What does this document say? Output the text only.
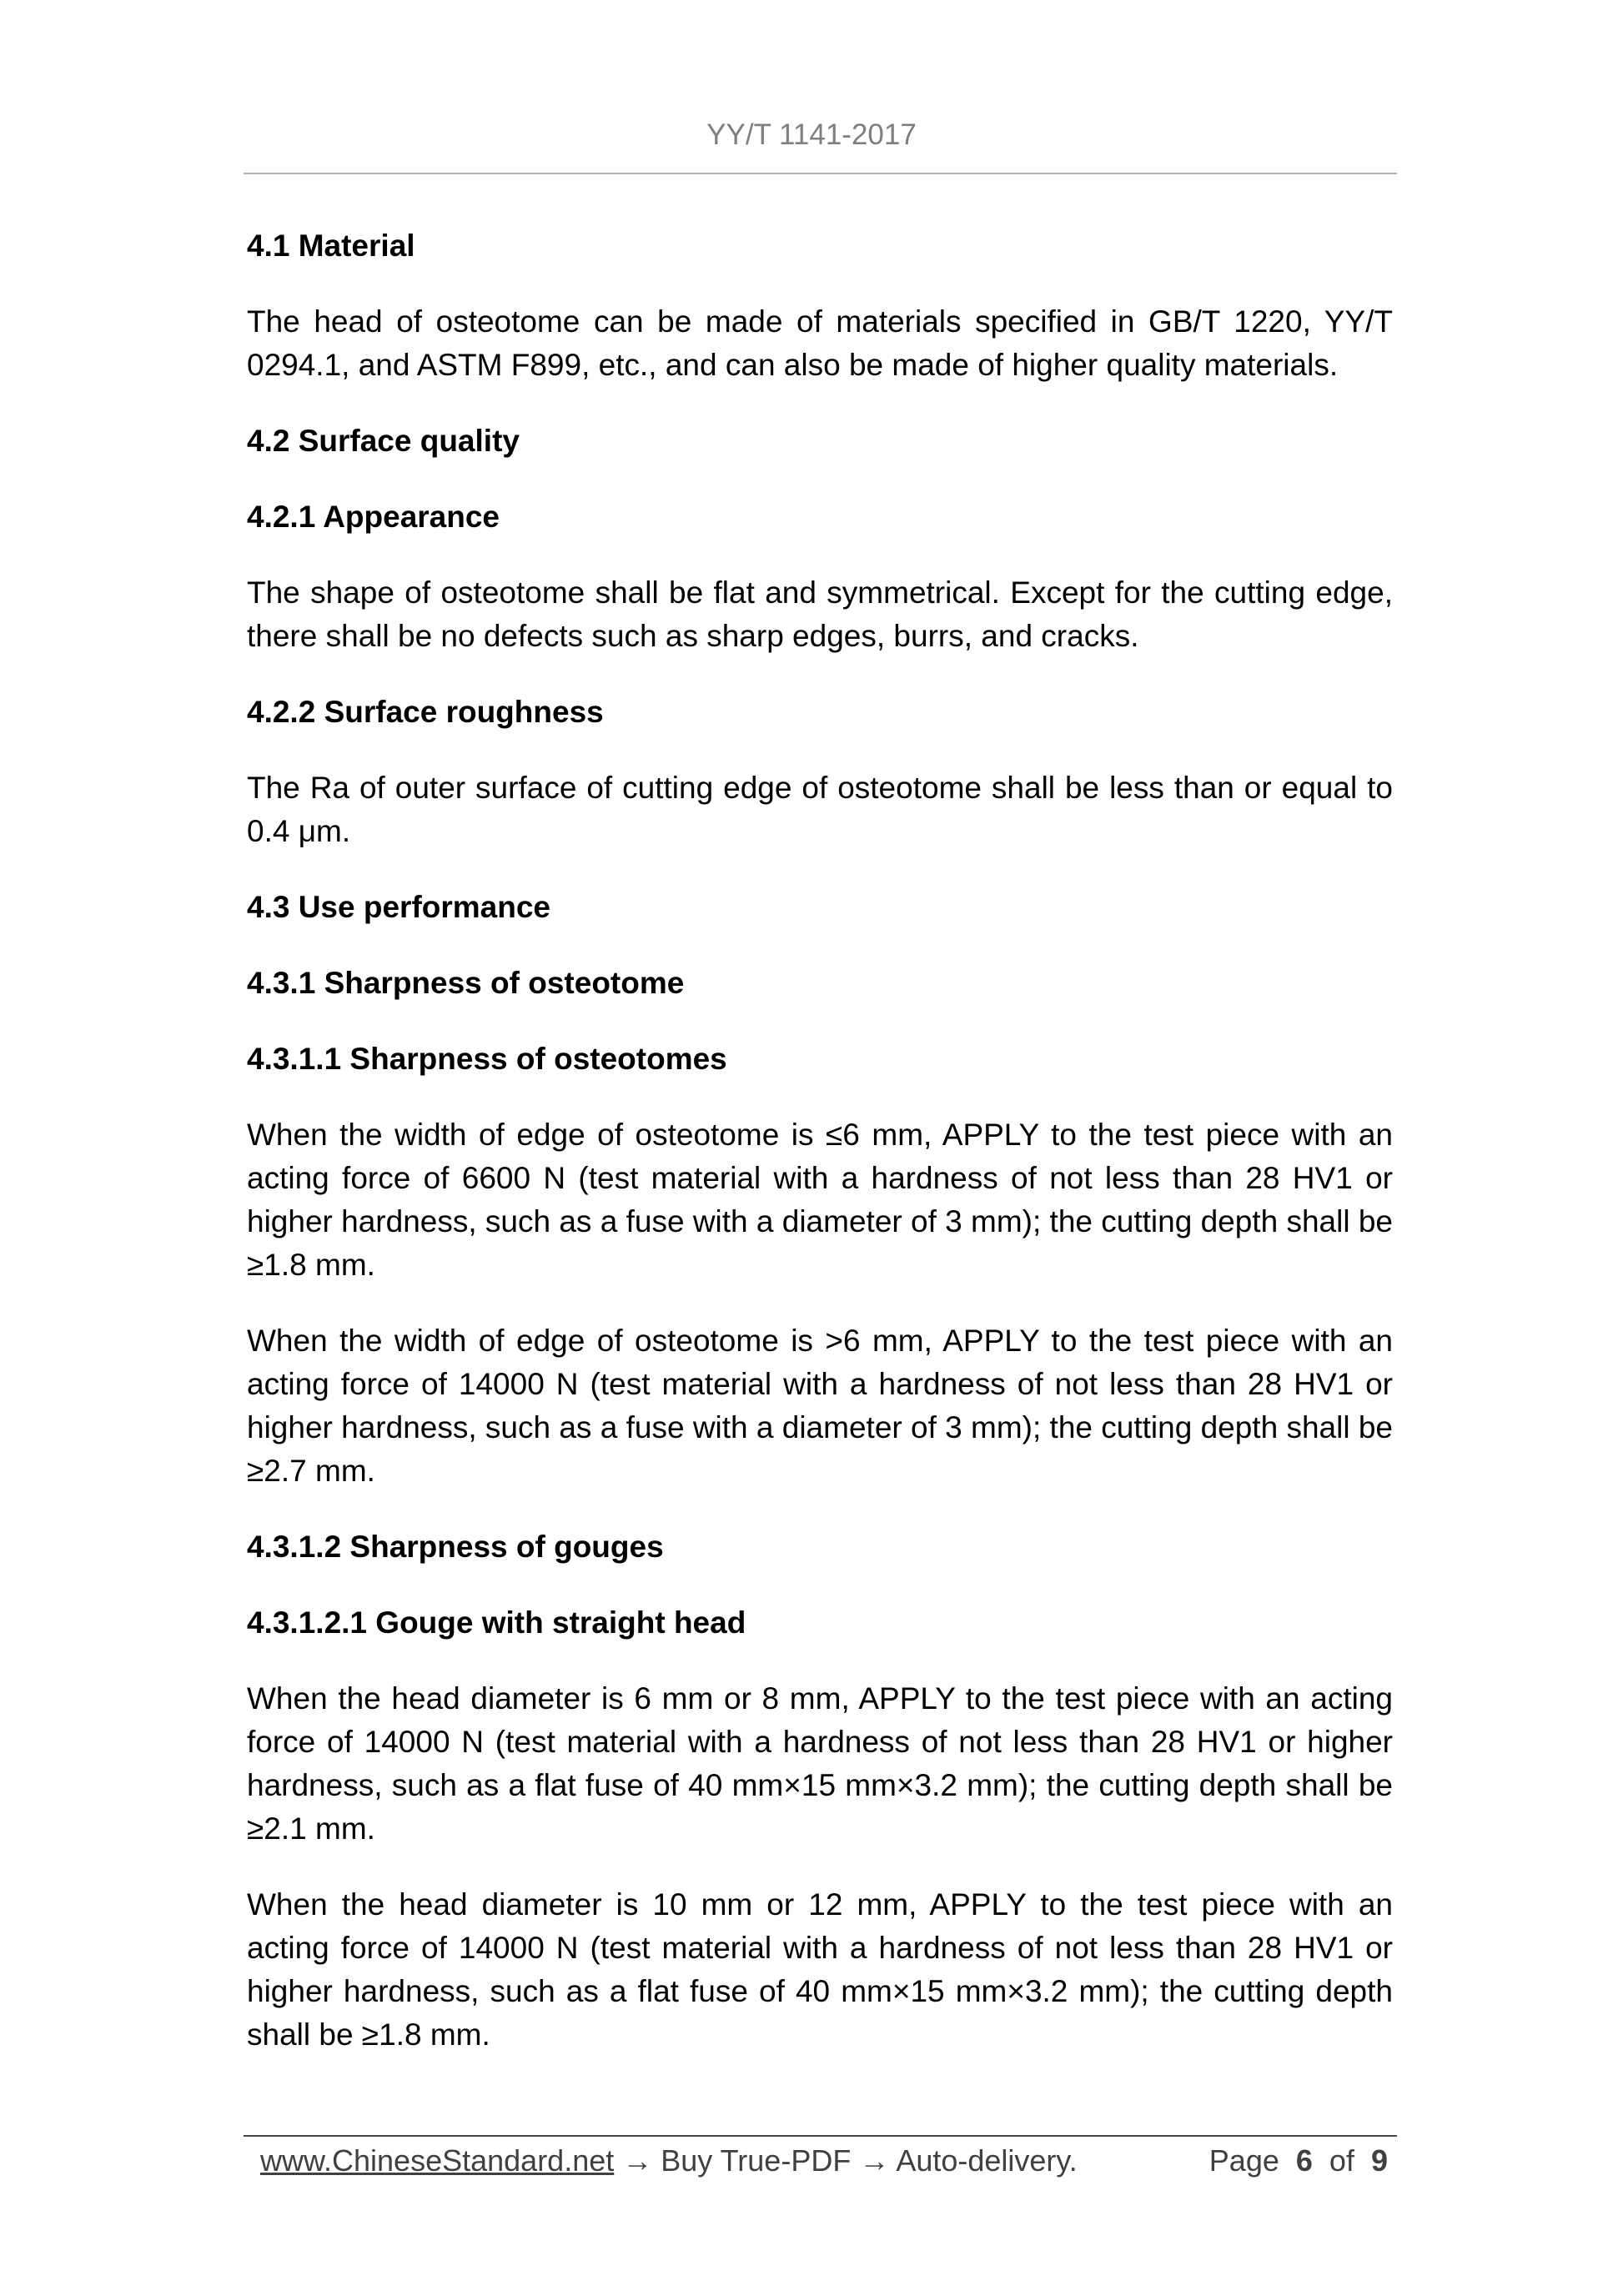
YY/T 1141-2017
4.1 Material
The head of osteotome can be made of materials specified in GB/T 1220, YY/T 0294.1, and ASTM F899, etc., and can also be made of higher quality materials.
4.2 Surface quality
4.2.1 Appearance
The shape of osteotome shall be flat and symmetrical. Except for the cutting edge, there shall be no defects such as sharp edges, burrs, and cracks.
4.2.2 Surface roughness
The Ra of outer surface of cutting edge of osteotome shall be less than or equal to 0.4 μm.
4.3 Use performance
4.3.1 Sharpness of osteotome
4.3.1.1 Sharpness of osteotomes
When the width of edge of osteotome is ≤6 mm, APPLY to the test piece with an acting force of 6600 N (test material with a hardness of not less than 28 HV1 or higher hardness, such as a fuse with a diameter of 3 mm); the cutting depth shall be ≥1.8 mm.
When the width of edge of osteotome is >6 mm, APPLY to the test piece with an acting force of 14000 N (test material with a hardness of not less than 28 HV1 or higher hardness, such as a fuse with a diameter of 3 mm); the cutting depth shall be ≥2.7 mm.
4.3.1.2 Sharpness of gouges
4.3.1.2.1 Gouge with straight head
When the head diameter is 6 mm or 8 mm, APPLY to the test piece with an acting force of 14000 N (test material with a hardness of not less than 28 HV1 or higher hardness, such as a flat fuse of 40 mm×15 mm×3.2 mm); the cutting depth shall be ≥2.1 mm.
When the head diameter is 10 mm or 12 mm, APPLY to the test piece with an acting force of 14000 N (test material with a hardness of not less than 28 HV1 or higher hardness, such as a flat fuse of 40 mm×15 mm×3.2 mm); the cutting depth shall be ≥1.8 mm.
www.ChineseStandard.net → Buy True-PDF → Auto-delivery.	Page 6 of 9
